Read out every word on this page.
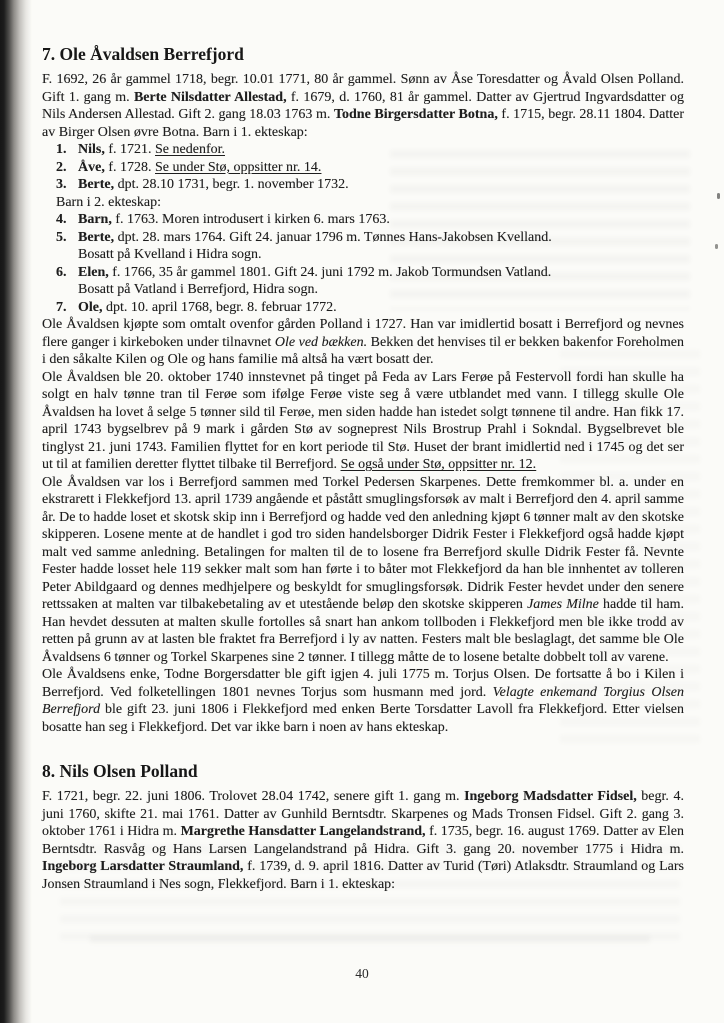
7. Ole Åvaldsen Berrefjord

F. 1692, 26 år gammel 1718, begr. 10.01 1771, 80 år gammel. Sønn av Åse Toresdatter og Åvald Olsen Polland. Gift 1. gang m. Berte Nilsdatter Allestad, f. 1679, d. 1760, 81 år gammel. Datter av Gjertrud Ingvardsdatter og Nils Andersen Allestad. Gift 2. gang 18.03 1763 m. Todne Birgersdatter Botna, f. 1715, begr. 28.11 1804. Datter av Birger Olsen øvre Botna. Barn i 1. ekteskap:

1. Nils, f. 1721. Se nedenfor.
2. Åve, f. 1728. Se under Stø, oppsitter nr. 14.
3. Berte, dpt. 28.10 1731, begr. 1. november 1732.
Barn i 2. ekteskap:
4. Barn, f. 1763. Moren introdusert i kirken 6. mars 1763.
5. Berte, dpt. 28. mars 1764. Gift 24. januar 1796 m. Tønnes Hans-Jakobsen Kvelland.
Bosatt på Kvelland i Hidra sogn.
6. Elen, f. 1766, 35 år gammel 1801. Gift 24. juni 1792 m. Jakob Tormundsen Vatland.
Bosatt på Vatland i Berrefjord, Hidra sogn.
7. Ole, dpt. 10. april 1768, begr. 8. februar 1772.

Ole Åvaldsen kjøpte som omtalt ovenfor gården Polland i 1727. Han var imidlertid bosatt i Berrefjord og nevnes flere ganger i kirkeboken under tilnavnet Ole ved bækken. Bekken det henvises til er bekken bakenfor Foreholmen i den såkalte Kilen og Ole og hans familie må altså ha vært bosatt der.

Ole Åvaldsen ble 20. oktober 1740 innstevnet på tinget på Feda av Lars Ferøe på Festervoll fordi han skulle ha solgt en halv tønne tran til Ferøe som ifølge Ferøe viste seg å være utblandet med vann. I tillegg skulle Ole Åvaldsen ha lovet å selge 5 tønner sild til Ferøe, men siden hadde han istedet solgt tønnene til andre. Han fikk 17. april 1743 bygselbrev på 9 mark i gården Stø av sogneprest Nils Brostrup Prahl i Sokndal. Bygselbrevet ble tinglyst 21. juni 1743. Familien flyttet for en kort periode til Stø. Huset der brant imidlertid ned i 1745 og det ser ut til at familien deretter flyttet tilbake til Berrefjord. Se også under Stø, oppsitter nr. 12.

Ole Åvaldsen var los i Berrefjord sammen med Torkel Pedersen Skarpenes. Dette fremkommer bl. a. under en ekstrarett i Flekkefjord 13. april 1739 angående et påstått smuglingsforsøk av malt i Berrefjord den 4. april samme år. De to hadde loset et skotsk skip inn i Berrefjord og hadde ved den anledning kjøpt 6 tønner malt av den skotske skipperen. Losene mente at de handlet i god tro siden handelsborger Didrik Fester i Flekkefjord også hadde kjøpt malt ved samme anledning. Betalingen for malten til de to losene fra Berrefjord skulle Didrik Fester få. Nevnte Fester hadde losset hele 119 sekker malt som han førte i to båter mot Flekkefjord da han ble innhentet av tolleren Peter Abildgaard og dennes medhjelpere og beskyldt for smuglingsforsøk. Didrik Fester hevdet under den senere rettssaken at malten var tilbakebetaling av et utestående beløp den skotske skipperen James Milne hadde til ham. Han hevdet dessuten at malten skulle fortolles så snart han ankom tollboden i Flekkefjord men ble ikke trodd av retten på grunn av at lasten ble fraktet fra Berrefjord i ly av natten. Festers malt ble beslaglagt, det samme ble Ole Åvaldsens 6 tønner og Torkel Skarpenes sine 2 tønner. I tillegg måtte de to losene betalte dobbelt toll av varene.

Ole Åvaldsens enke, Todne Borgersdatter ble gift igjen 4. juli 1775 m. Torjus Olsen. De fortsatte å bo i Kilen i Berrefjord. Ved folketellingen 1801 nevnes Torjus som husmann med jord. Velagte enkemand Torgius Olsen Berrefjord ble gift 23. juni 1806 i Flekkefjord med enken Berte Torsdatter Lavoll fra Flekkefjord. Etter vielsen bosatte han seg i Flekkefjord. Det var ikke barn i noen av hans ekteskap.

8. Nils Olsen Polland

F. 1721, begr. 22. juni 1806. Trolovet 28.04 1742, senere gift 1. gang m. Ingeborg Madsdatter Fidsel, begr. 4. juni 1760, skifte 21. mai 1761. Datter av Gunhild Berntsdtr. Skarpenes og Mads Tronsen Fidsel. Gift 2. gang 3. oktober 1761 i Hidra m. Margrethe Hansdatter Langelandstrand, f. 1735, begr. 16. august 1769. Datter av Elen Berntsdtr. Rasvåg og Hans Larsen Langelandstrand på Hidra. Gift 3. gang 20. november 1775 i Hidra m. Ingeborg Larsdatter Straumland, f. 1739, d. 9. april 1816. Datter av Turid (Tøri) Atlaksdtr. Straumland og Lars Jonsen Straumland i Nes sogn, Flekkefjord. Barn i 1. ekteskap:

40
